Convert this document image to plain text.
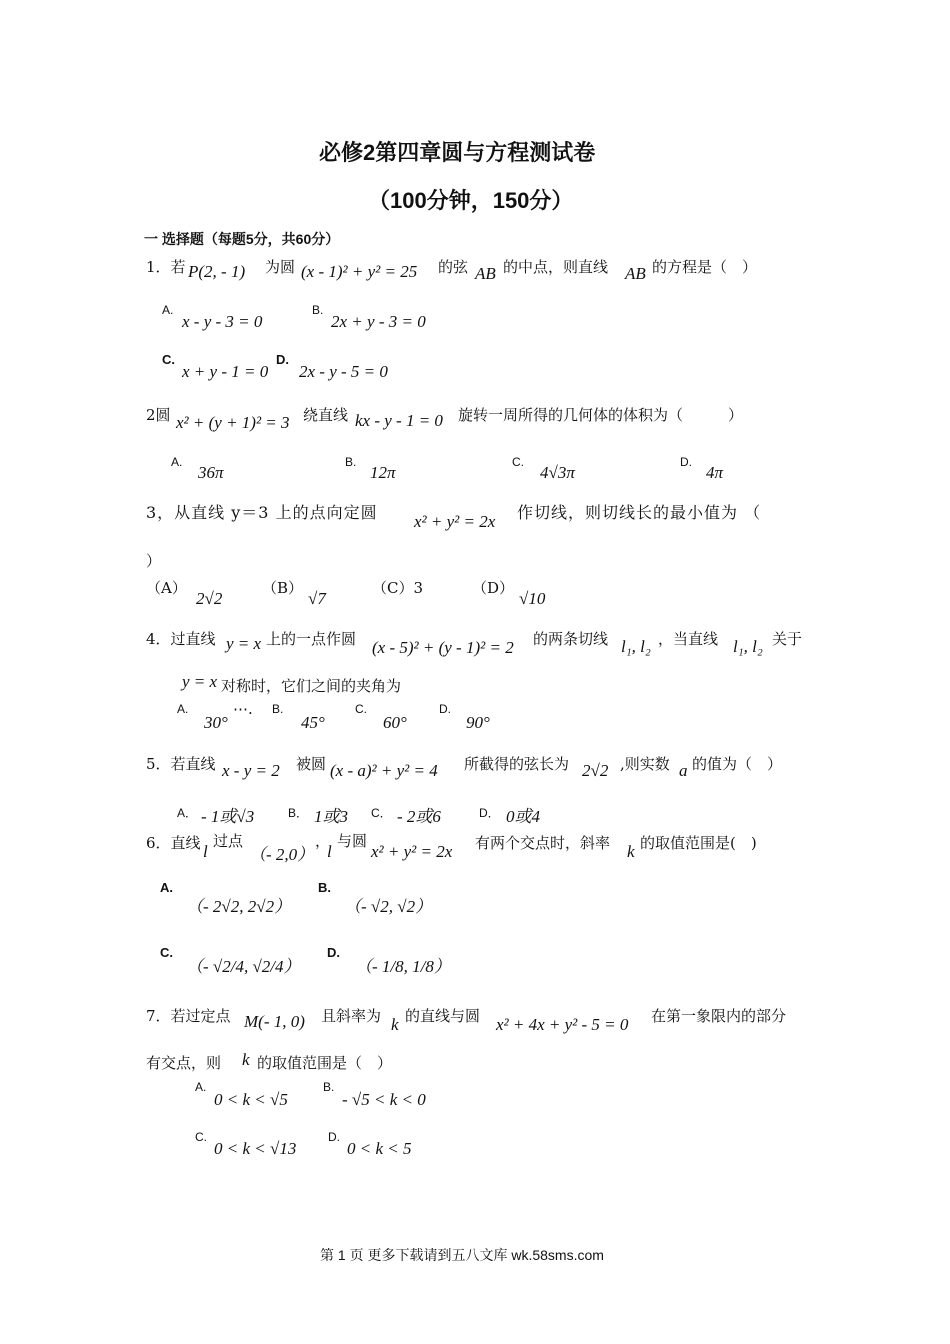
必修2第四章圆与方程测试卷
（100分钟，150分）
一 选择题（每题5分，共60分）
1．若 P(2, - 1) 为圆 (x - 1)² + y² = 25 的弦 AB 的中点，则直线 AB 的方程是（　）
A.
x - y - 3 = 0
B.
2x + y - 3 = 0
C.
x + y - 1 = 0
D.
2x - y - 5 = 0
2圆 x² + (y + 1)² = 3 绕直线 kx - y - 1 = 0 旋转一周所得的几何体的体积为（　　　）
A.
36π
B.
12π
C.
4√3π
D.
4π
3，从直线 y＝3 上的点向定圆 x² + y² = 2x 作切线，则切线长的最小值为 （
）
（A）
2√2
（B）
√7
（C）3	（D）
√10
4．过直线 y = x 上的一点作圆 (x - 5)² + (y - 1)² = 2 的两条切线 l₁, l₂ ，当直线 l₁, l₂ 关于
y = x 对称时，它们之间的夹角为
A.
30°
⋯. B.
45°
C.
60°
D.
90°
5．若直线 x - y = 2 被圆 (x - a)² + y² = 4 所截得的弦长为 2√2 ,则实数 a 的值为（　）
A． - 1或√3	B． 1或3 C． - 2或6	D． 0或4
6．直线 l
过点
（- 2,0）
，
l
与圆
x² + y² = 2x 有两个交点时，斜率 k 的取值范围是(　)
A.
（- 2√2, 2√2）
B.
（- √2, √2）
C.
（- √2/4, √2/4）
D.
（- 1/8, 1/8）
7．若过定点 M(- 1, 0) 且斜率为 k 的直线与圆 x² + 4x + y² - 5 = 0 在第一象限内的部分
有交点，则 k 的取值范围是（　）
A.
0 < k < √5
B.
- √5 < k < 0
C.
0 < k < √13
D.
0 < k < 5
第 1 页 更多下载请到五八文库 wk.58sms.com
